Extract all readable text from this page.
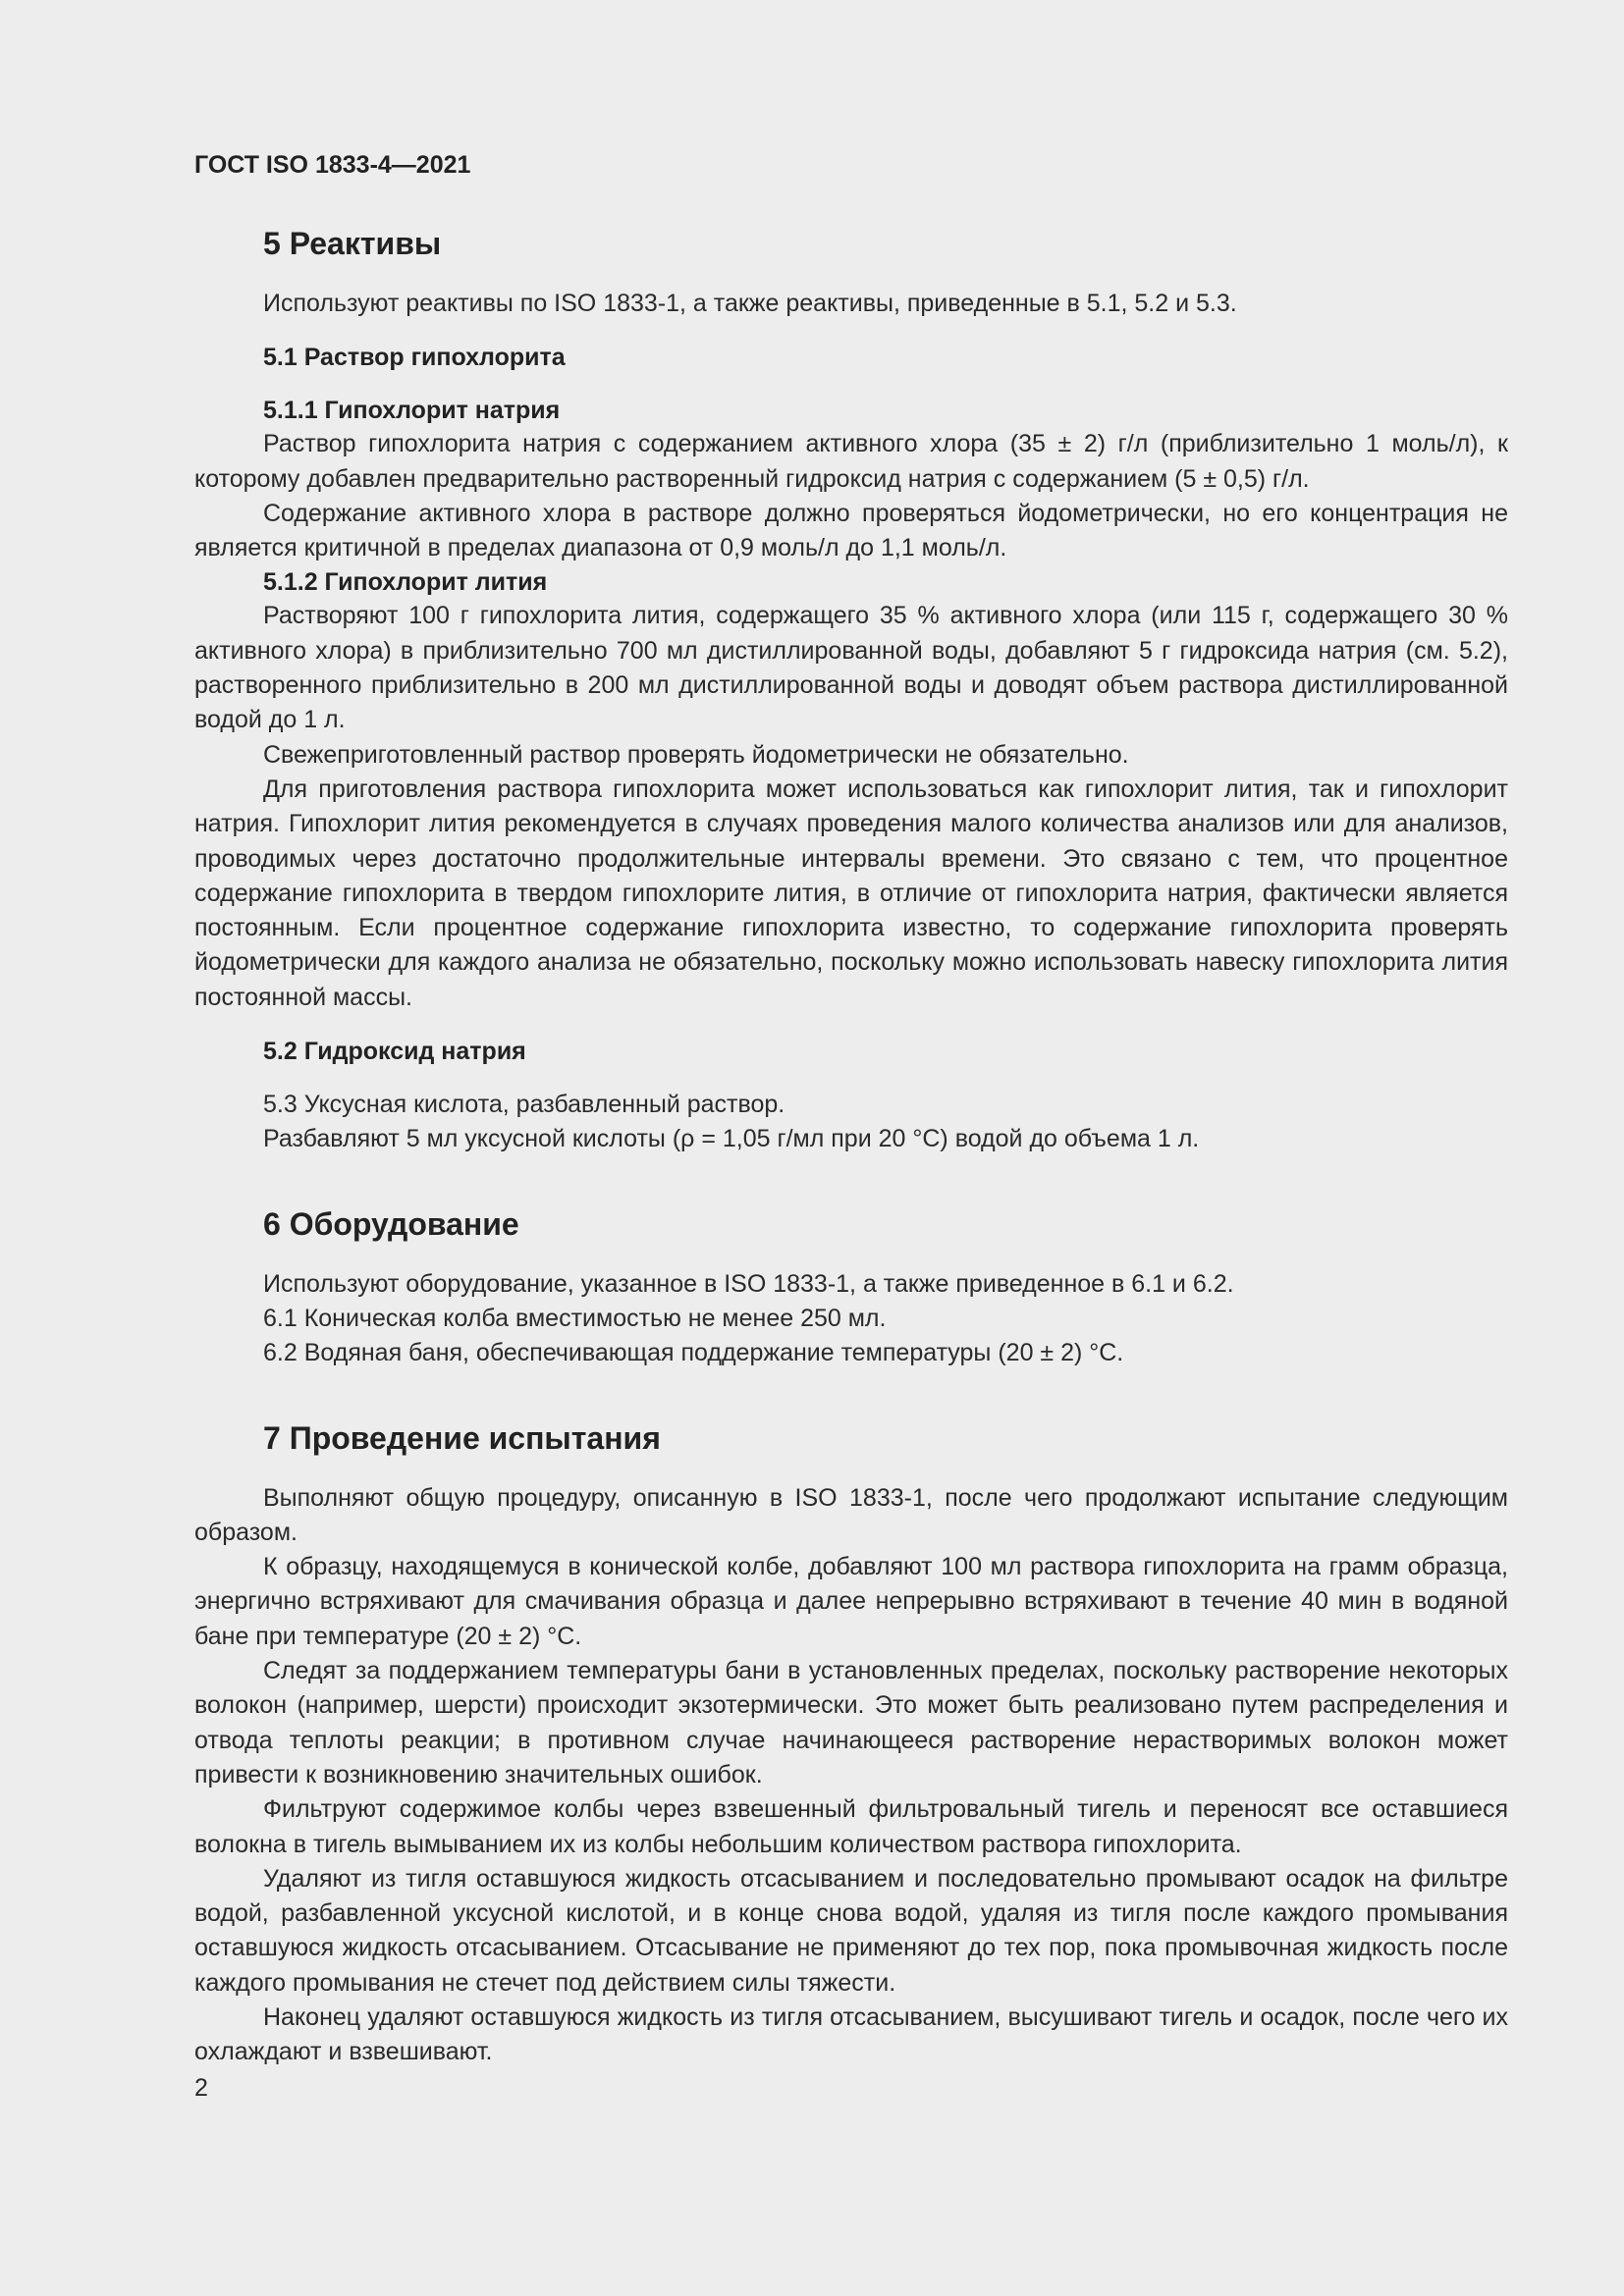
ГОСТ ISO 1833-4—2021
5 Реактивы

Используют реактивы по ISO 1833-1, а также реактивы, приведенные в 5.1, 5.2 и 5.3.

5.1 Раствор гипохлорита
5.1.1 Гипохлорит натрия

Раствор гипохлорита натрия с содержанием активного хлора (35 ± 2) г/л (приблизительно 1 моль/л), к которому добавлен предварительно растворенный гидроксид натрия с содержанием (5 ± 0,5) г/л.

Содержание активного хлора в растворе должно проверяться йодометрически, но его концентрация не является критичной в пределах диапазона от 0,9 моль/л до 1,1 моль/л.

5.1.2 Гипохлорит лития

Растворяют 100 г гипохлорита лития, содержащего 35 % активного хлора (или 115 г, содержащего 30 % активного хлора) в приблизительно 700 мл дистиллированной воды, добавляют 5 г гидроксида натрия (см. 5.2), растворенного приблизительно в 200 мл дистиллированной воды и доводят объем раствора дистиллированной водой до 1 л.

Свежеприготовленный раствор проверять йодометрически не обязательно.

Для приготовления раствора гипохлорита может использоваться как гипохлорит лития, так и гипохлорит натрия. Гипохлорит лития рекомендуется в случаях проведения малого количества анализов или для анализов, проводимых через достаточно продолжительные интервалы времени. Это связано с тем, что процентное содержание гипохлорита в твердом гипохлорите лития, в отличие от гипохлорита натрия, фактически является постоянным. Если процентное содержание гипохлорита известно, то содержание гипохлорита проверять йодометрически для каждого анализа не обязательно, поскольку можно использовать навеску гипохлорита лития постоянной массы.

5.2 Гидроксид натрия

5.3 Уксусная кислота, разбавленный раствор.

Разбавляют 5 мл уксусной кислоты (ρ = 1,05 г/мл при 20 °С) водой до объема 1 л.

6 Оборудование

Используют оборудование, указанное в ISO 1833-1, а также приведенное в 6.1 и 6.2.

6.1 Коническая колба вместимостью не менее 250 мл.

6.2 Водяная баня, обеспечивающая поддержание температуры (20 ± 2) °С.

7 Проведение испытания

Выполняют общую процедуру, описанную в ISO 1833-1, после чего продолжают испытание следующим образом.

К образцу, находящемуся в конической колбе, добавляют 100 мл раствора гипохлорита на грамм образца, энергично встряхивают для смачивания образца и далее непрерывно встряхивают в течение 40 мин в водяной бане при температуре (20 ± 2) °С.

Следят за поддержанием температуры бани в установленных пределах, поскольку растворение некоторых волокон (например, шерсти) происходит экзотермически. Это может быть реализовано путем распределения и отвода теплоты реакции; в противном случае начинающееся растворение нерастворимых волокон может привести к возникновению значительных ошибок.

Фильтруют содержимое колбы через взвешенный фильтровальный тигель и переносят все оставшиеся волокна в тигель вымыванием их из колбы небольшим количеством раствора гипохлорита.

Удаляют из тигля оставшуюся жидкость отсасыванием и последовательно промывают осадок на фильтре водой, разбавленной уксусной кислотой, и в конце снова водой, удаляя из тигля после каждого промывания оставшуюся жидкость отсасыванием. Отсасывание не применяют до тех пор, пока промывочная жидкость после каждого промывания не стечет под действием силы тяжести.

Наконец удаляют оставшуюся жидкость из тигля отсасыванием, высушивают тигель и осадок, после чего их охлаждают и взвешивают.

2
